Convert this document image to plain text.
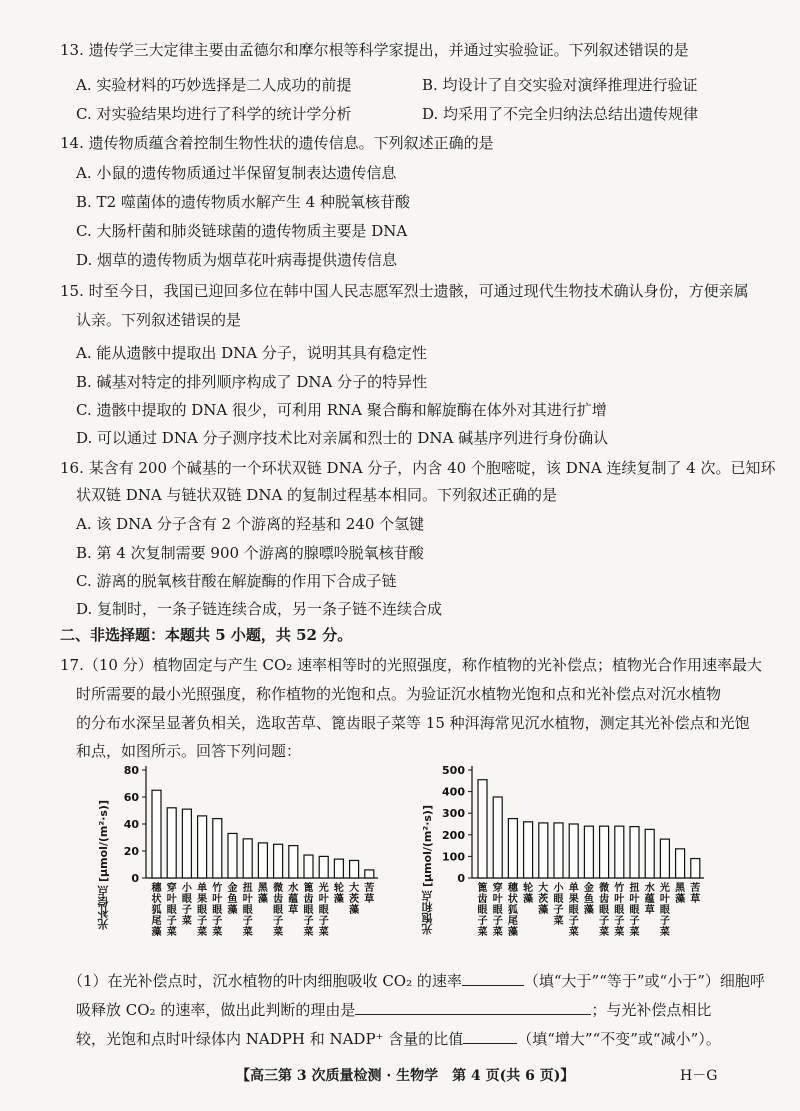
13. 遗传学三大定律主要由孟德尔和摩尔根等科学家提出，并通过实验验证。下列叙述错误的是
A. 实验材料的巧妙选择是二人成功的前提	B. 均设计了自交实验对演绎推理进行验证
C. 对实验结果均进行了科学的统计学分析	D. 均采用了不完全归纳法总结出遗传规律
14. 遗传物质蕴含着控制生物性状的遗传信息。下列叙述正确的是
A. 小鼠的遗传物质通过半保留复制表达遗传信息
B. T2 噬菌体的遗传物质水解产生 4 种脱氧核苷酸
C. 大肠杆菌和肺炎链球菌的遗传物质主要是 DNA
D. 烟草的遗传物质为烟草花叶病毒提供遗传信息
15. 时至今日，我国已迎回多位在韩中国人民志愿军烈士遗骸，可通过现代生物技术确认身份，方便亲属
认亲。下列叙述错误的是
A. 能从遗骸中提取出 DNA 分子，说明其具有稳定性
B. 碱基对特定的排列顺序构成了 DNA 分子的特异性
C. 遗骸中提取的 DNA 很少，可利用 RNA 聚合酶和解旋酶在体外对其进行扩增
D. 可以通过 DNA 分子测序技术比对亲属和烈士的 DNA 碱基序列进行身份确认
16. 某含有 200 个碱基的一个环状双链 DNA 分子，内含 40 个胞嘧啶，该 DNA 连续复制了 4 次。已知环
状双链 DNA 与链状双链 DNA 的复制过程基本相同。下列叙述正确的是
A. 该 DNA 分子含有 2 个游离的羟基和 240 个氢键
B. 第 4 次复制需要 900 个游离的腺嘌呤脱氧核苷酸
C. 游离的脱氧核苷酸在解旋酶的作用下合成子链
D. 复制时，一条子链连续合成，另一条子链不连续合成
二、非选择题：本题共 5 小题，共 52 分。
17.（10 分）植物固定与产生 CO₂ 速率相等时的光照强度，称作植物的光补偿点；植物光合作用速率最大
时所需要的最小光照强度，称作植物的光饱和点。为验证沉水植物光饱和点和光补偿点对沉水植物
的分布水深呈显著负相关，选取苦草、篦齿眼子菜等 15 种洱海常见沉水植物，测定其光补偿点和光饱
和点，如图所示。回答下列问题：
光补偿点 [μmol/(m²·s)] 0
20
40
60
80
穗状狐尾藻
穿叶眼子菜
小眼子菜
单果眼子菜
竹叶眼子菜
金鱼藻
扭叶眼子菜
黑藻
微齿眼子菜
水蕴草
篦齿眼子菜
光叶眼子菜
轮藻
大茨藻
苦草	光饱和点 [μmol/(m²·s)] 0
100
200
300
400
500
篦齿眼子菜
穿叶眼子菜
穗状狐尾藻
轮藻
大茨藻
小眼子菜
单果眼子菜
金鱼藻
微齿眼子菜
竹叶眼子菜
扭叶眼子菜
水蕴草
光叶眼子菜
黑藻
苦草
（1）在光补偿点时，沉水植物的叶肉细胞吸收 CO₂ 的速率	（填“大于”“等于”或“小于”）细胞呼
吸释放 CO₂ 的速率，做出此判断的理由是	；与光补偿点相比
较，光饱和点时叶绿体内 NADPH 和 NADP⁺ 含量的比值	（填“增大”“不变”或“减小”）。
【高三第 3 次质量检测 · 生物学　第 4 页(共 6 页)】	H－G
